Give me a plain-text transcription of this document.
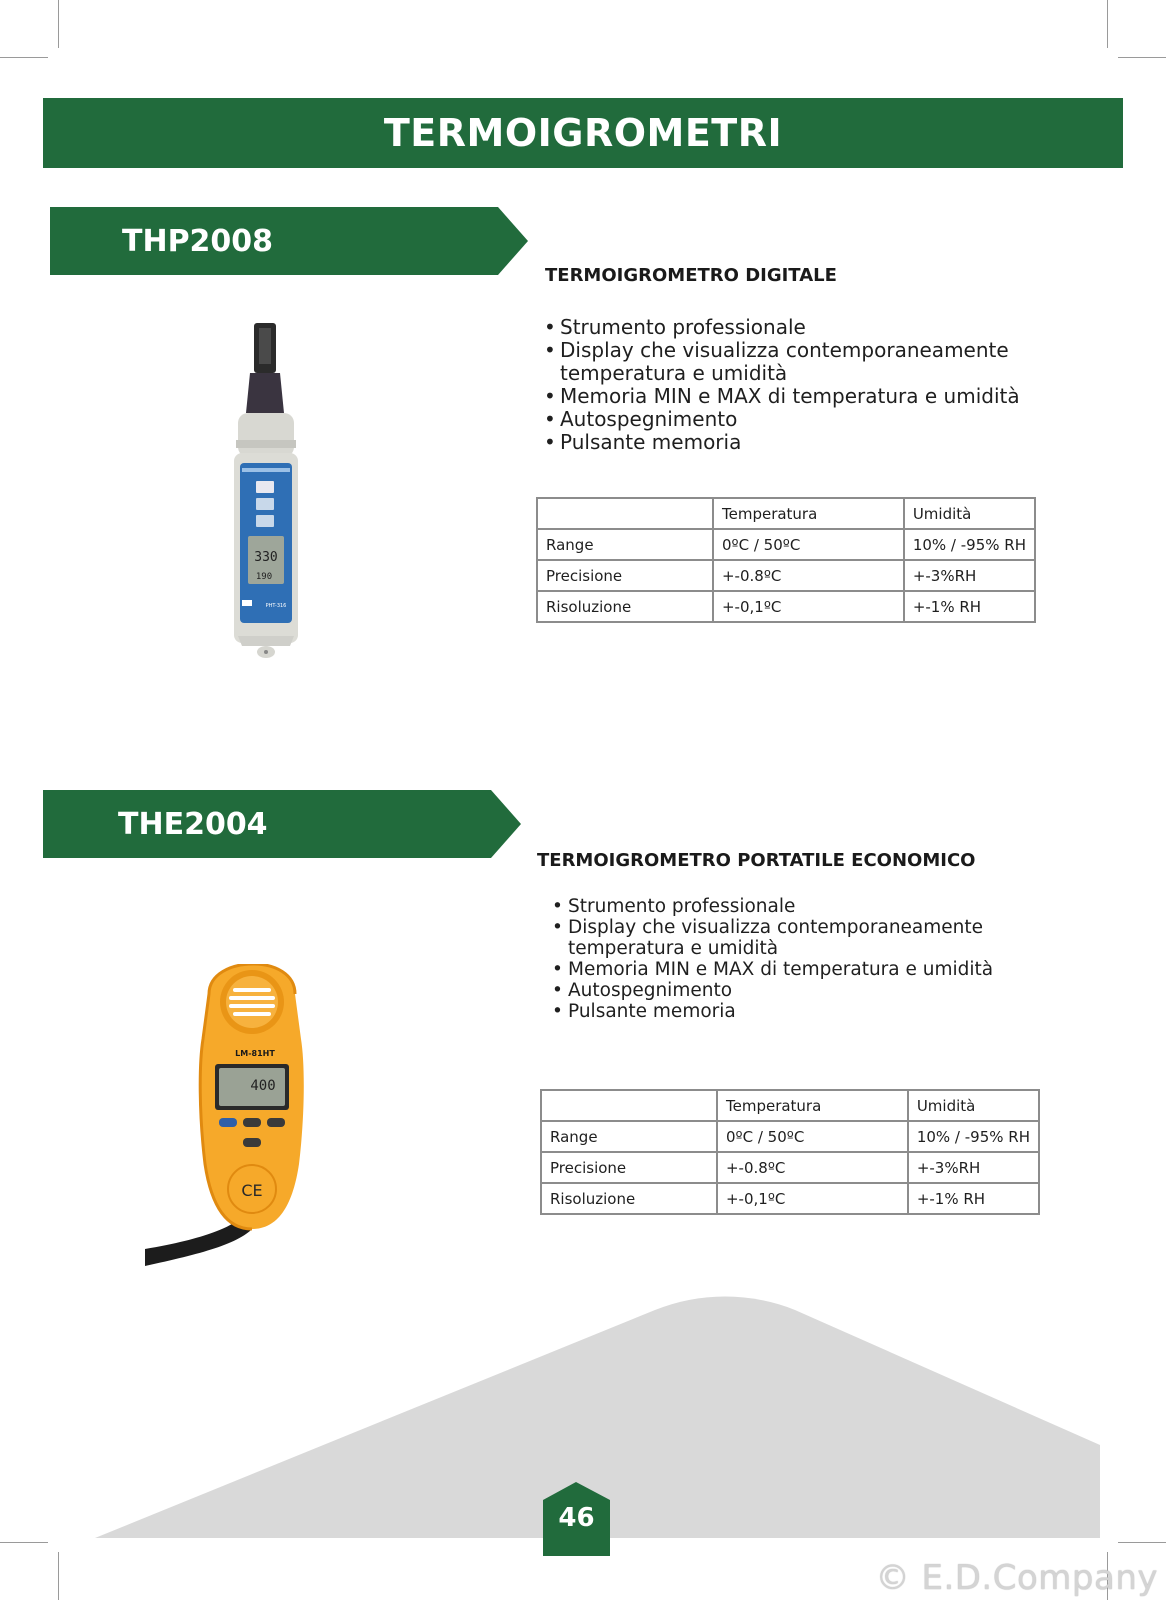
TERMOIGROMETRI
THP2008
TERMOIGROMETRO DIGITALE
• Strumento professionale
• Display che visualizza contemporaneamente temperatura e umidità
• Memoria MIN e MAX di temperatura e umidità
• Autospegnimento
• Pulsante memoria
	Temperatura	Umidità
Range	0ºC / 50ºC	10% / -95% RH
Precisione	+-0.8ºC	+-3%RH
Risoluzione	+-0,1ºC	+-1% RH
330
190
PHT-316
THE2004
TERMOIGROMETRO PORTATILE ECONOMICO
• Strumento professionale
• Display che visualizza contemporaneamente temperatura e umidità
• Memoria MIN e MAX di temperatura e umidità
• Autospegnimento
• Pulsante memoria
	Temperatura	Umidità
Range	0ºC / 50ºC	10% / -95% RH
Precisione	+-0.8ºC	+-3%RH
Risoluzione	+-0,1ºC	+-1% RH
LM-81HT
400
CE
46
© E.D.Company
